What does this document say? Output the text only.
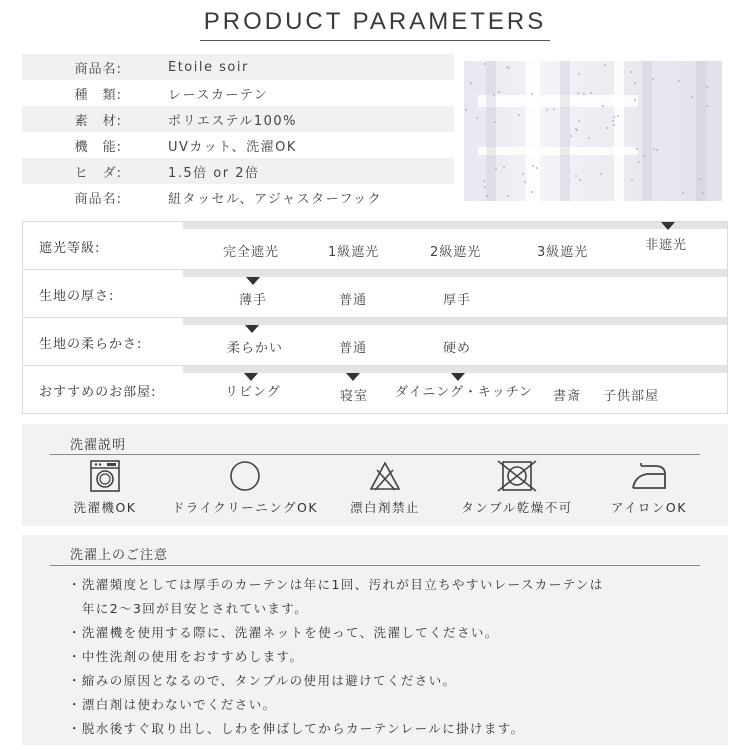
PRODUCT PARAMETERS
商品名:	Etoile soir
種　類:	レースカーテン
素　材:	ポリエステル100%
機　能:	UVカット、洗濯OK
ヒ　ダ:	1.5倍 or 2倍
商品名:	紐タッセル、アジャスターフック
遮光等級:	完全遮光	1級遮光	2級遮光	3級遮光	非遮光
生地の厚さ:	薄手	普通	厚手
生地の柔らかさ:	柔らかい	普通	硬め
おすすめのお部屋:	リビング	寝室 ダイニング・キッチン 書斎 子供部屋
洗濯説明
洗濯機OK	ドライクリーニングOK	漂白剤禁止	タンブル乾燥不可	アイロンOK
洗濯上のご注意
・洗濯頻度としては厚手のカーテンは年に1回、汚れが目立ちやすいレースカーテンは
　年に2〜3回が目安とされています。
・洗濯機を使用する際に、洗濯ネットを使って、洗濯してください。
・中性洗剤の使用をおすすめします。
・縮みの原因となるので、タンブルの使用は避けてください。
・漂白剤は使わないでください。
・脱水後すぐ取り出し、しわを伸ばしてからカーテンレールに掛けます。
